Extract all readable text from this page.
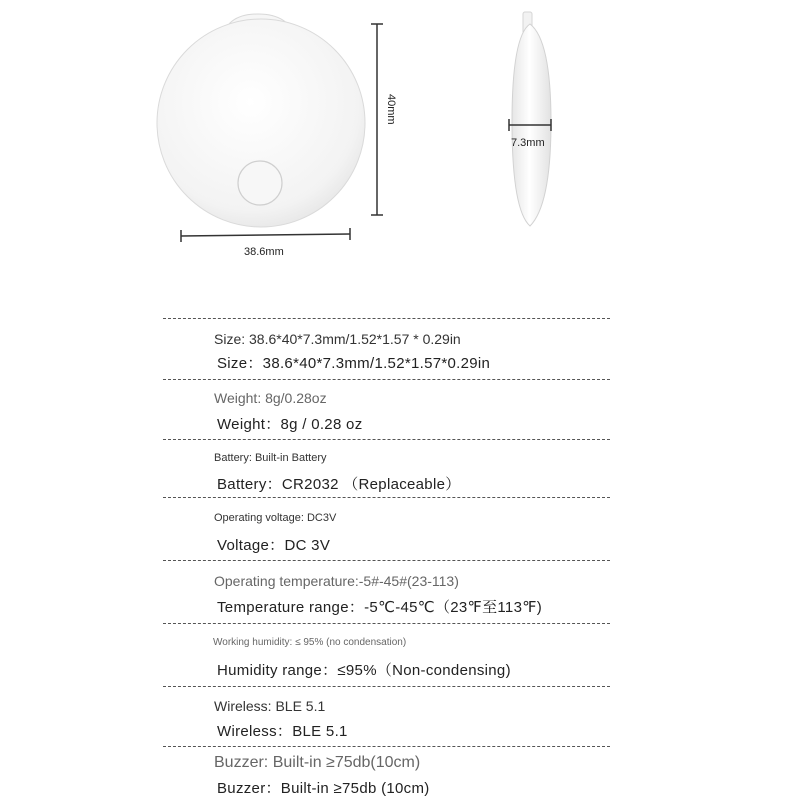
38.6mm
40mm
7.3mm
Size: 38.6*40*7.3mm/1.52*1.57 * 0.29in
Size：38.6*40*7.3mm/1.52*1.57*0.29in
Weight: 8g/0.28oz
Weight：8g / 0.28 oz
Battery: Built-in Battery
Battery：CR2032 （Replaceable）
Operating voltage: DC3V
Voltage：DC 3V
Operating temperature:-5#-45#(23-113)
Temperature range：-5℃-45℃（23℉至113℉)
Working humidity: ≤ 95% (no condensation)
Humidity range：≤95%（Non-condensing)
Wireless: BLE 5.1
Wireless：BLE 5.1
Buzzer: Built-in ≥75db(10cm)
Buzzer：Built-in ≥75db (10cm)
